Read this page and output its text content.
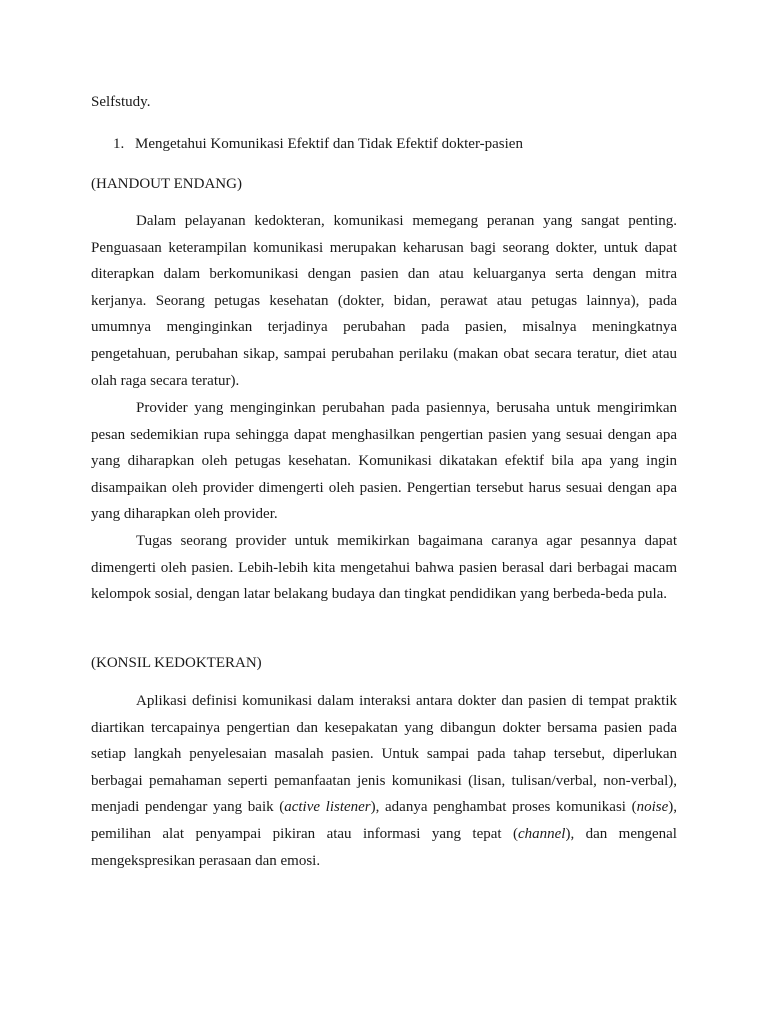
Selfstudy.
1. Mengetahui Komunikasi Efektif dan Tidak Efektif dokter-pasien
(HANDOUT ENDANG)

Dalam pelayanan kedokteran, komunikasi memegang peranan yang sangat penting. Penguasaan keterampilan komunikasi merupakan keharusan bagi seorang dokter, untuk dapat diterapkan dalam berkomunikasi dengan pasien dan atau keluarganya serta dengan mitra kerjanya. Seorang petugas kesehatan (dokter, bidan, perawat atau petugas lainnya), pada umumnya menginginkan terjadinya perubahan pada pasien, misalnya meningkatnya pengetahuan, perubahan sikap, sampai perubahan perilaku (makan obat secara teratur, diet atau olah raga secara teratur).

Provider yang menginginkan perubahan pada pasiennya, berusaha untuk mengirimkan pesan sedemikian rupa sehingga dapat menghasilkan pengertian pasien yang sesuai dengan apa yang diharapkan oleh petugas kesehatan. Komunikasi dikatakan efektif bila apa yang ingin disampaikan oleh provider dimengerti oleh pasien. Pengertian tersebut harus sesuai dengan apa yang diharapkan oleh provider.

Tugas seorang provider untuk memikirkan bagaimana caranya agar pesannya dapat dimengerti oleh pasien. Lebih-lebih kita mengetahui bahwa pasien berasal dari berbagai macam kelompok sosial, dengan latar belakang budaya dan tingkat pendidikan yang berbeda-beda pula.

(KONSIL KEDOKTERAN)

Aplikasi definisi komunikasi dalam interaksi antara dokter dan pasien di tempat praktik diartikan tercapainya pengertian dan kesepakatan yang dibangun dokter bersama pasien pada setiap langkah penyelesaian masalah pasien. Untuk sampai pada tahap tersebut, diperlukan berbagai pemahaman seperti pemanfaatan jenis komunikasi (lisan, tulisan/verbal, non-verbal), menjadi pendengar yang baik (active listener), adanya penghambat proses komunikasi (noise), pemilihan alat penyampai pikiran atau informasi yang tepat (channel), dan mengenal mengekspresikan perasaan dan emosi.
